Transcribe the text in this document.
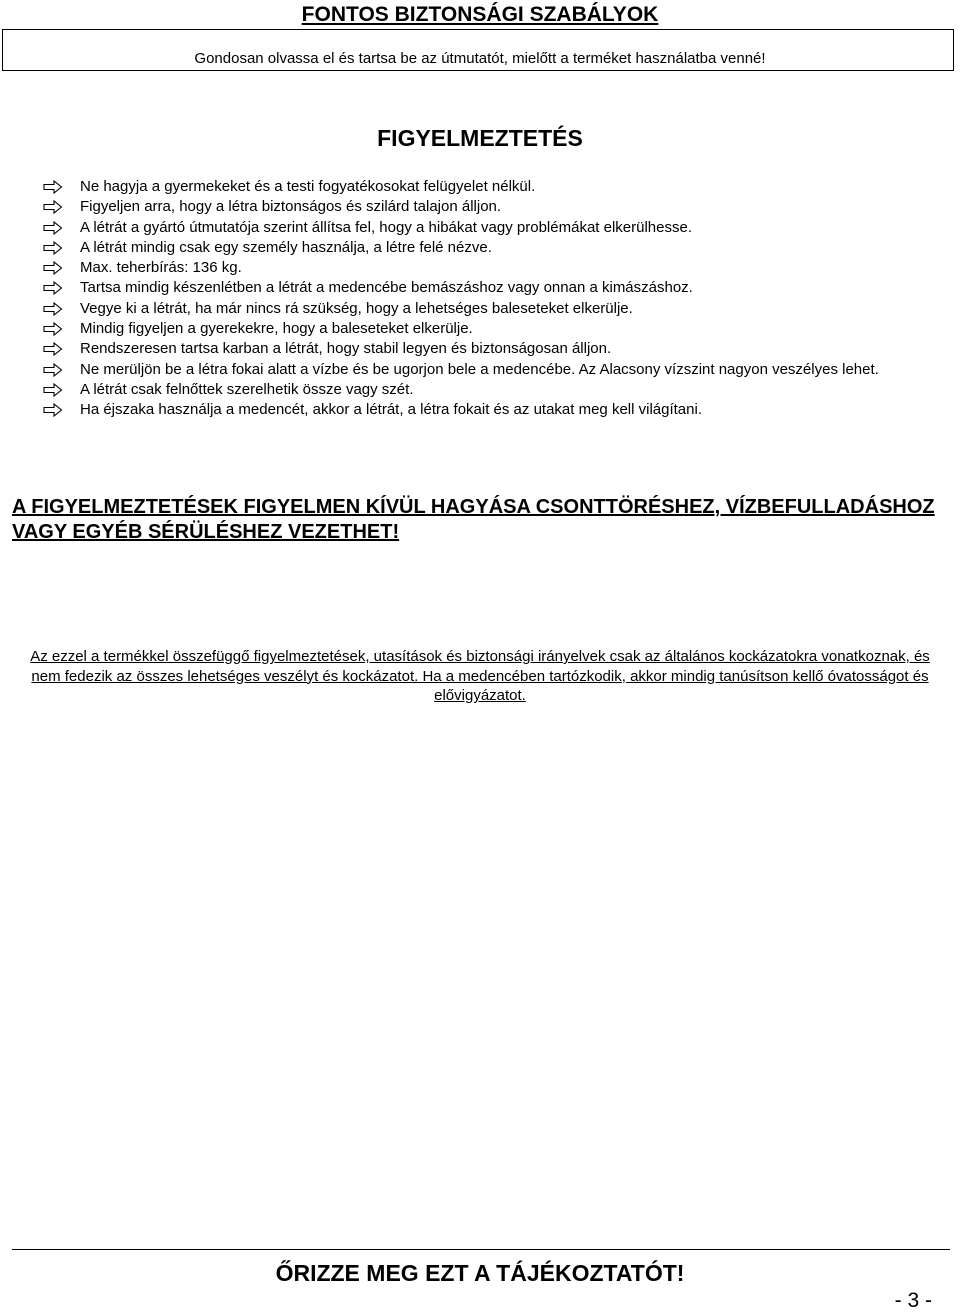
FONTOS BIZTONSÁGI SZABÁLYOK
Gondosan olvassa el és tartsa be az útmutatót, mielőtt a terméket használatba venné!
FIGYELMEZTETÉS
Ne hagyja a gyermekeket és a testi fogyatékosokat felügyelet nélkül.
Figyeljen arra, hogy a létra biztonságos és szilárd talajon álljon.
A létrát a gyártó útmutatója szerint állítsa fel, hogy a hibákat vagy problémákat elkerülhesse.
A létrát mindig csak egy személy használja, a létre felé nézve.
Max. teherbírás: 136 kg.
Tartsa mindig készenlétben a létrát a medencébe bemászáshoz vagy onnan a kimászáshoz.
Vegye ki a létrát, ha már nincs rá szükség, hogy a lehetséges baleseteket elkerülje.
Mindig figyeljen a gyerekekre, hogy a baleseteket elkerülje.
Rendszeresen tartsa karban a létrát, hogy stabil legyen és biztonságosan álljon.
Ne merüljön be a létra fokai alatt a vízbe és be ugorjon bele a medencébe. Az Alacsony vízszint nagyon veszélyes lehet.
A létrát csak felnőttek szerelhetik össze vagy szét.
Ha éjszaka használja a medencét, akkor a létrát, a létra fokait és az utakat meg kell világítani.
A FIGYELMEZTETÉSEK FIGYELMEN KÍVÜL HAGYÁSA CSONTTÖRÉSHEZ, VÍZBEFULLADÁSHOZ VAGY EGYÉB SÉRÜLÉSHEZ VEZETHET!
Az ezzel a termékkel összefüggő figyelmeztetések, utasítások és biztonsági irányelvek csak az általános kockázatokra vonatkoznak, és nem fedezik az összes lehetséges veszélyt és kockázatot. Ha a medencében tartózkodik, akkor mindig tanúsítson kellő óvatosságot és elővigyázatot.
ŐRIZZE MEG EZT A TÁJÉKOZTATÓT!
- 3 -
